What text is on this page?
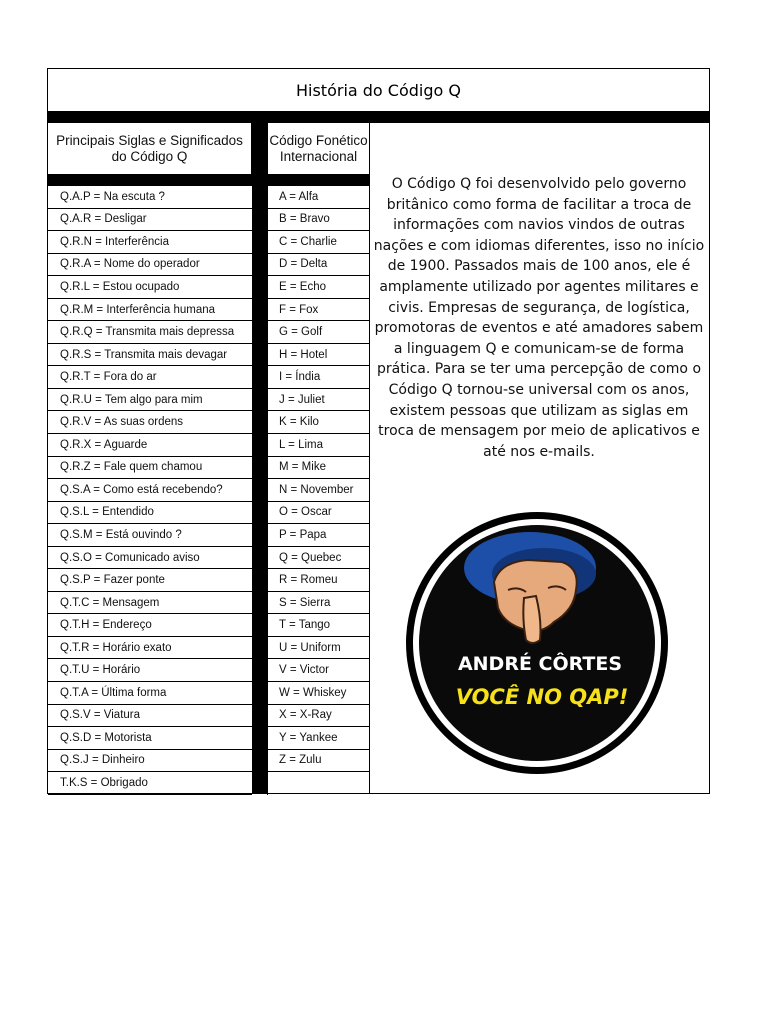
História do Código Q
Principais Siglas e Significados do Código Q
Código Fonético Internacional
Q.A.P = Na escuta ?
Q.A.R = Desligar
Q.R.N = Interferência
Q.R.A = Nome do operador
Q.R.L = Estou ocupado
Q.R.M = Interferência humana
Q.R.Q = Transmita mais depressa
Q.R.S = Transmita mais devagar
Q.R.T = Fora do ar
Q.R.U = Tem algo para mim
Q.R.V = As suas ordens
Q.R.X = Aguarde
Q.R.Z = Fale quem chamou
Q.S.A = Como está recebendo?
Q.S.L = Entendido
Q.S.M = Está ouvindo ?
Q.S.O = Comunicado aviso
Q.S.P = Fazer ponte
Q.T.C = Mensagem
Q.T.H = Endereço
Q.T.R = Horário exato
Q.T.U = Horário
Q.T.A = Última forma
Q.S.V = Viatura
Q.S.D = Motorista
Q.S.J = Dinheiro
T.K.S = Obrigado
A = Alfa
B = Bravo
C = Charlie
D = Delta
E = Echo
F = Fox
G = Golf
H = Hotel
I = Índia
J = Juliet
K = Kilo
L = Lima
M = Mike
N = November
O = Oscar
P = Papa
Q = Quebec
R = Romeu
S = Sierra
T = Tango
U = Uniform
V = Victor
W = Whiskey
X = X-Ray
Y = Yankee
Z = Zulu

O Código Q foi desenvolvido pelo governo britânico como forma de facilitar a troca de informações com navios vindos de outras nações e com idiomas diferentes, isso no início de 1900. Passados mais de 100 anos, ele é amplamente utilizado por agentes militares e civis. Empresas de segurança, de logística, promotoras de eventos e até amadores sabem a linguagem Q e comunicam-se de forma prática. Para se ter uma percepção de como o Código Q tornou-se universal com os anos, existem pessoas que utilizam as siglas em troca de mensagem por meio de aplicativos e até nos e-mails.

ANDRÉ CÔRTES
VOCÊ NO QAP!
